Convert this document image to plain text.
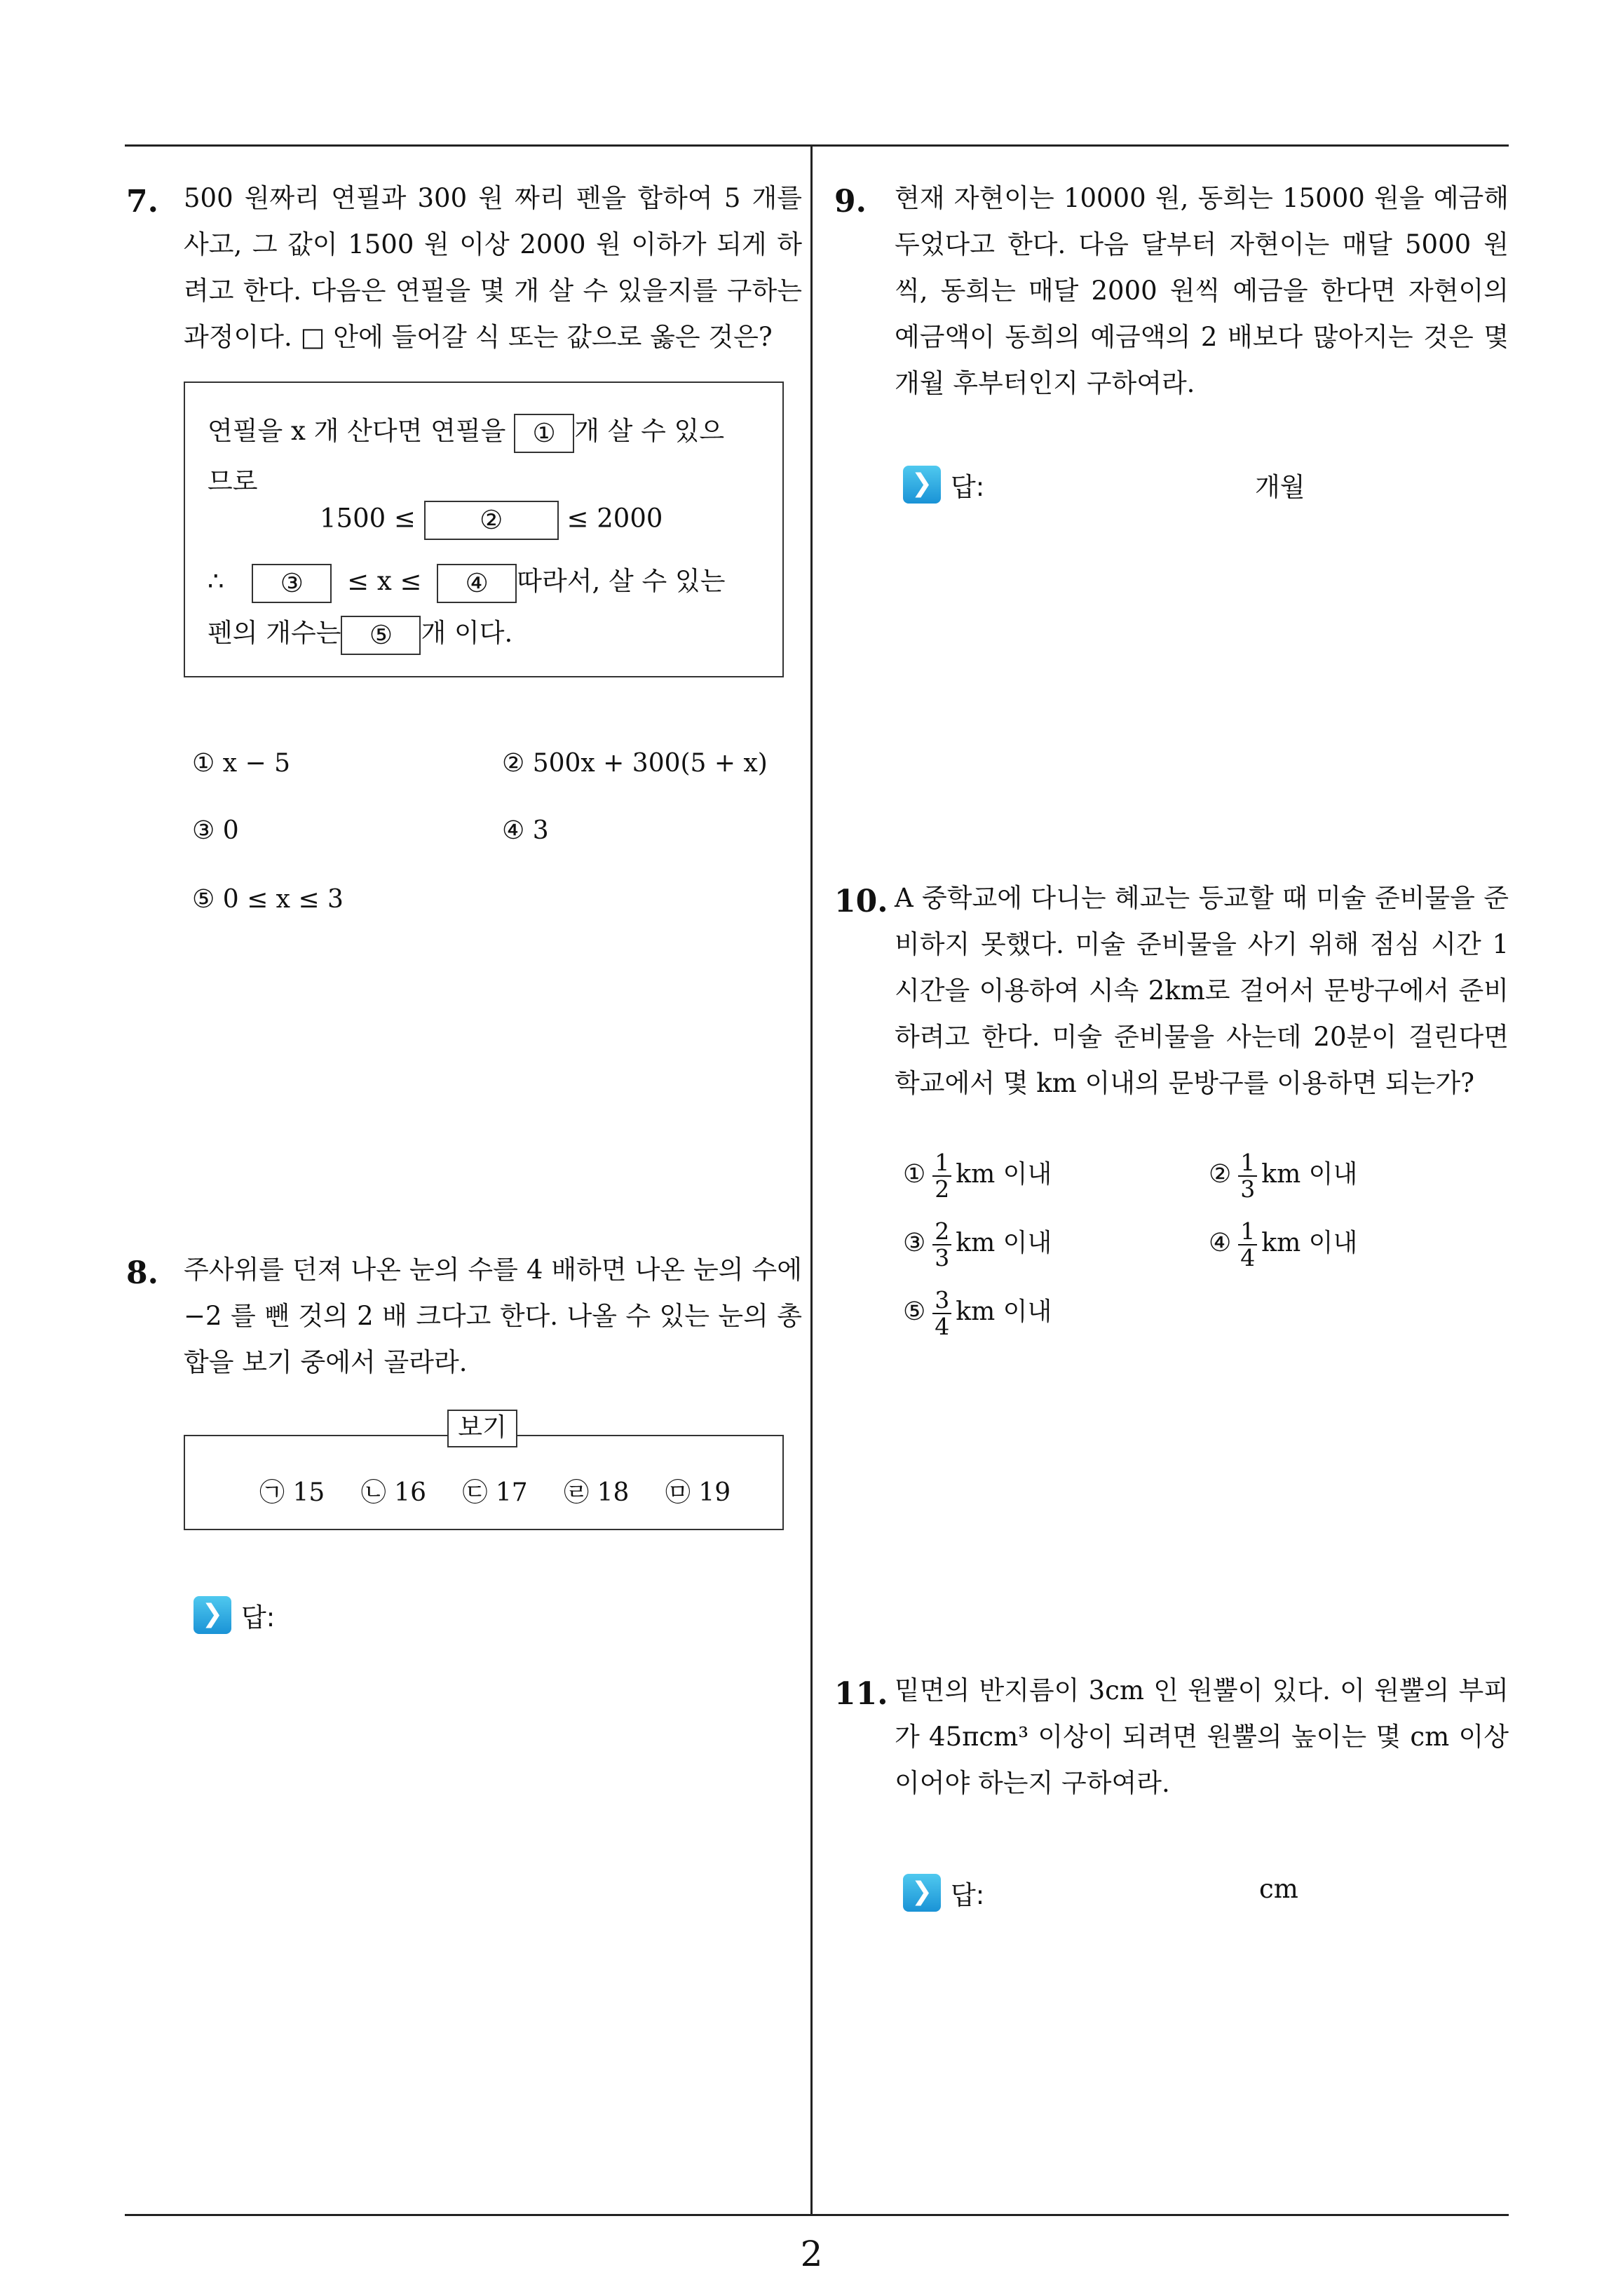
7. 500 원짜리 연필과 300 원 짜리 펜을 합하여 5 개를 사고, 그 값이 1500 원 이상 2000 원 이하가 되게 하려고 한다. 다음은 연필을 몇 개 살 수 있을지를 구하는 과정이다. □ 안에 들어갈 식 또는 값으로 옳은 것은?
연필을 x 개 산다면 연필을 ① 개 살 수 있으
므로
1500 ≤ ② ≤ 2000
∴ ③ ≤ x ≤ ④ 따라서, 살 수 있는
펜의 개수는 ⑤ 개 이다.
① x − 5	② 500x + 300(5 + x)
③ 0	④ 3
⑤ 0 ≤ x ≤ 3
8. 주사위를 던져 나온 눈의 수를 4 배하면 나온 눈의 수에 −2 를 뺀 것의 2 배 크다고 한다. 나올 수 있는 눈의 총합을 보기 중에서 골라라.
㉠ 15 ㉡ 16 ㉢ 17 ㉣ 18 ㉤ 19
보기
❯ 답:
9. 현재 자현이는 10000 원, 동희는 15000 원을 예금해 두었다고 한다. 다음 달부터 자현이는 매달 5000 원씩, 동희는 매달 2000 원씩 예금을 한다면 자현이의 예금액이 동희의 예금액의 2 배보다 많아지는 것은 몇 개월 후부터인지 구하여라.
❯ 답:	개월
10. A 중학교에 다니는 혜교는 등교할 때 미술 준비물을 준비하지 못했다. 미술 준비물을 사기 위해 점심 시간 1 시간을 이용하여 시속 2km로 걸어서 문방구에서 준비하려고 한다. 미술 준비물을 사는데 20분이 걸린다면 학교에서 몇 km 이내의 문방구를 이용하면 되는가?
① $\frac{1}{2}$ km 이내	② $\frac{1}{3}$ km 이내
③ $\frac{2}{3}$ km 이내	④ $\frac{1}{4}$ km 이내
⑤ $\frac{3}{4}$ km 이내
11. 밑면의 반지름이 3cm 인 원뿔이 있다. 이 원뿔의 부피가 45πcm³ 이상이 되려면 원뿔의 높이는 몇 cm 이상이어야 하는지 구하여라.
❯ 답:	cm
2
